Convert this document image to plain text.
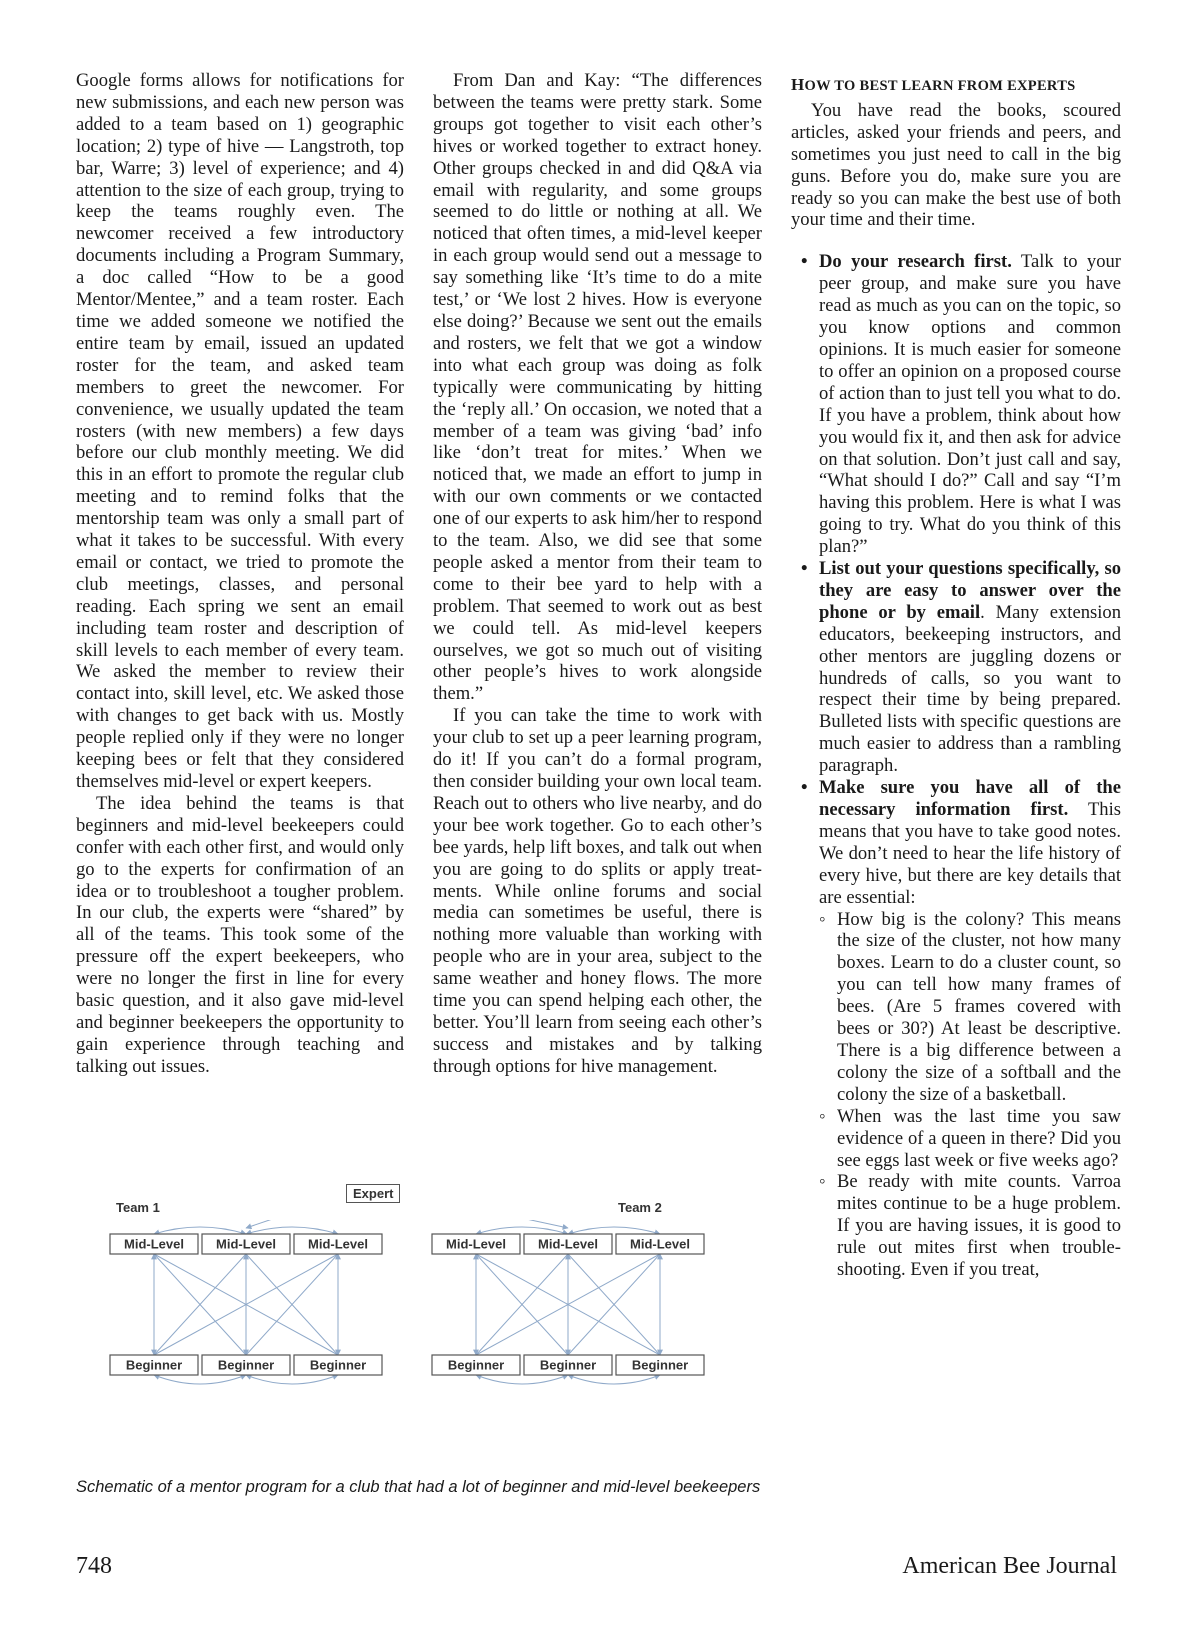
Google forms allows for notifications for new submissions, and each new person was added to a team based on 1) geographic location; 2) type of hive — Langstroth, top bar, Warre; 3) level of experience; and 4) attention to the size of each group, trying to keep the teams roughly even. The newcomer received a few introductory documents including a Program Summary, a doc called “How to be a good Mentor/Mentee,” and a team roster. Each time we added someone we notified the entire team by email, issued an updated roster for the team, and asked team members to greet the newcomer. For convenience, we usually updated the team rosters (with new members) a few days before our club monthly meeting. We did this in an effort to promote the regular club meeting and to remind folks that the mentorship team was only a small part of what it takes to be successful. With every email or contact, we tried to promote the club meetings, classes, and personal reading. Each spring we sent an email including team roster and description of skill levels to each member of every team. We asked the member to review their contact into, skill level, etc. We asked those with changes to get back with us. Mostly people replied only if they were no longer keeping bees or felt that they considered themselves mid-level or expert keepers.

The idea behind the teams is that beginners and mid-level beekeepers could confer with each other first, and would only go to the experts for confirmation of an idea or to troubleshoot a tougher problem. In our club, the experts were “shared” by all of the teams. This took some of the pressure off the expert beekeepers, who were no longer the first in line for every basic question, and it also gave mid-level and beginner beekeepers the opportunity to gain experience through teaching and talking out issues.

From Dan and Kay: “The differences between the teams were pretty stark. Some groups got together to visit each other’s hives or worked together to extract honey. Other groups checked in and did Q&A via email with regularity, and some groups seemed to do little or nothing at all. We noticed that often times, a mid-level keeper in each group would send out a message to say something like ‘It’s time to do a mite test,’ or ‘We lost 2 hives. How is everyone else doing?’ Because we sent out the emails and rosters, we felt that we got a window into what each group was doing as folk typically were communicating by hitting the ‘reply all.’ On occasion, we noted that a member of a team was giving ‘bad’ info like ‘don’t treat for mites.’ When we noticed that, we made an effort to jump in with our own comments or we contacted one of our experts to ask him/her to respond to the team. Also, we did see that some people asked a mentor from their team to come to their bee yard to help with a problem. That seemed to work out as best we could tell. As mid-level keepers ourselves, we got so much out of visiting other people’s hives to work alongside them.”

If you can take the time to work with your club to set up a peer learning program, do it! If you can’t do a formal program, then consider building your own local team. Reach out to others who live nearby, and do your bee work together. Go to each other’s bee yards, help lift boxes, and talk out when you are going to do splits or apply treatments. While online forums and social media can sometimes be useful, there is nothing more valuable than working with people who are in your area, subject to the same weather and honey flows. The more time you can spend helping each other, the better. You’ll learn from seeing each other’s success and mistakes and by talking through options for hive management.

HOW TO BEST LEARN FROM EXPERTS

You have read the books, scoured articles, asked your friends and peers, and sometimes you just need to call in the big guns. Before you do, make sure you are ready so you can make the best use of both your time and their time.

• Do your research first. Talk to your peer group, and make sure you have read as much as you can on the topic, so you know options and common opinions. It is much easier for someone to offer an opinion on a proposed course of action than to just tell you what to do. If you have a problem, think about how you would fix it, and then ask for advice on that solution. Don’t just call and say, “What should I do?” Call and say “I’m having this problem. Here is what I was going to try. What do you think of this plan?”
• List out your questions specifically, so they are easy to answer over the phone or by email. Many extension educators, beekeeping instructors, and other mentors are juggling dozens or hundreds of calls, so you want to respect their time by being prepared. Bulleted lists with specific questions are much easier to address than a rambling paragraph.
• Make sure you have all of the necessary information first. This means that you have to take good notes. We don’t need to hear the life history of every hive, but there are key details that are essential:
◦ How big is the colony? This means the size of the cluster, not how many boxes. Learn to do a cluster count, so you can tell how many frames of bees. (Are 5 frames covered with bees or 30?) At least be descriptive. There is a big difference between a colony the size of a softball and the colony the size of a basketball.
◦ When was the last time you saw evidence of a queen in there? Did you see eggs last week or five weeks ago?
◦ Be ready with mite counts. Varroa mites continue to be a huge problem. If you are having issues, it is good to rule out mites first when troubleshooting. Even if you treat,
Mid-Level Mid-Level Mid-Level	Mid-Level Mid-Level Mid-Level
Beginner	Beginner	Beginner	Beginner	Beginner	Beginner
Expert
Team 1	Team 2
Schematic of a mentor program for a club that had a lot of beginner and mid-level beekeepers
748	American Bee Journal
